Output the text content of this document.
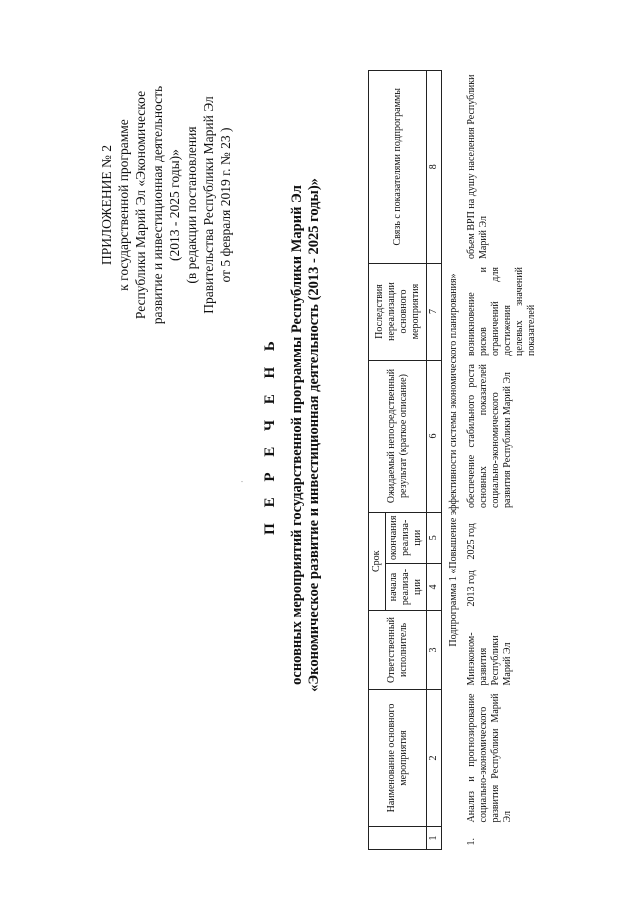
ПРИЛОЖЕНИЕ № 2 к государственной программе Республики Марий Эл «Экономическое развитие и инвестиционная деятельность (2013 - 2025 годы)» (в редакции постановления Правительства Республики Марий Эл от 5 февраля 2019 г. № 23 )
· П Е Р Е Ч Е Н Ь основных мероприятий государственной программы Республики Марий Эл «Экономическое развитие и инвестиционная деятельность (2013 - 2025 годы)»
	Наименование основного мероприятия	Ответственный исполнитель	Срок		Ожидаемый непосредственный результат (краткое описание)	Последствия нереализации основного мероприятия	Связь с показателями подпрограммы
			начала реализа-ции	окончания реализа-ции			
1	2	3	4	5	6	7	8
Подпрограмма 1 «Повышение эффективности системы экономического планирования»							
1.	Анализ и прогнозирование социально-экономического развития Республики Марий Эл	Минэконом-развития Республики Марий Эл	2013 год	2025 год	обеспечение стабильного роста основных показателей социально-экономического развития Республики Марий Эл	возникновение рисков и ограничений для достижения целевых значений показателей	объем ВРП на душу населения Республики Марий Эл
